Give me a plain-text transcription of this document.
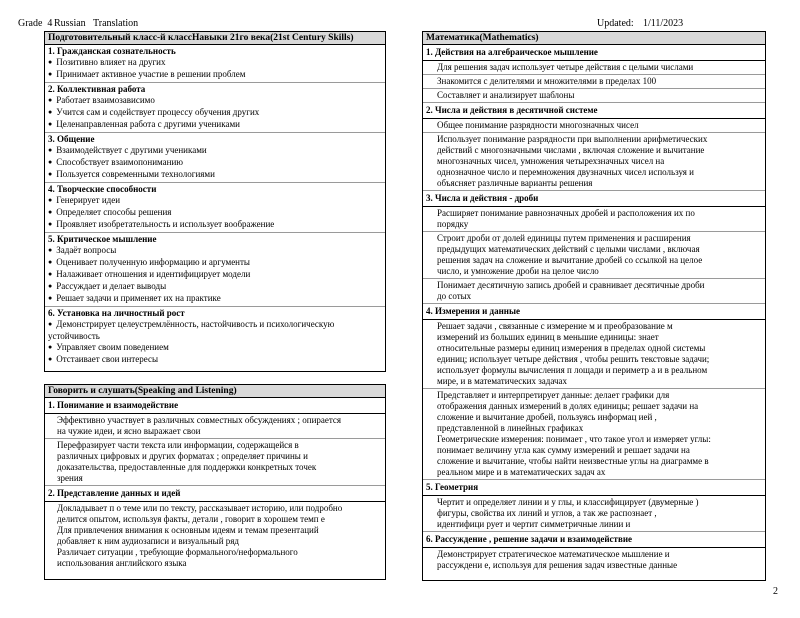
Grade  4 Russian   Translation	Updated: 1/11/2023
Подготовительный класс-й классНавыки 21го века(21st Century Skills)
1. Гражданская сознательность
● Позитивно влияет на других
● Принимает активное участие в решении проблем
2. Коллективная работа
● Работает взаимозависимо
● Учится сам и содействует процессу обучения других
● Целенаправленная работа с другими учениками
3. Общение
● Взаимодействует с другими учениками
● Способствует взаимопониманию
● Пользуется современными технологиями
4. Творческие способности
● Генерирует идеи
● Определяет способы решения
● Проявляет изобретательность и использует воображение
5. Критическое мышление
● Задаёт вопросы
● Оценивает полученную информацию и аргументы
● Налаживает отношения и идентифицирует модели
● Рассуждает и делает выводы
● Решает задачи и применяет их на практике
6. Установка на личностный рост
● Демонстрирует целеустремлённость, настойчивость и психологическую
устойчивость
● Управляет своим поведением
● Отстаивает свои интересы
Говорить и слушать(Speaking and Listening)
1. Понимание и взаимодействие
Эффективно участвует в различных совместных обсуждениях ; опирается
на чужие идеи, и ясно выражает свои
Перефразирует части текста или информации, содержащейся в
различных цифровых и других форматах ; определяет причины и
доказательства, предоставленные для поддержки конкретных точек
зрения
2. Представление данных и идей
Докладывает п о теме или по тексту, рассказывает историю, или подробно
делится опытом, используя факты, детали , говорит в хорошем темп е
Для привлечения внимания к основным идеям и темам презентаций
добавляет к ним аудиозаписи и визуальный ряд
Различает ситуации , требующие формального/неформального
использования английского языка
Математика(Mathematics)
1. Действия на алгебраическое мышление
Для решения задач использует четыре действия с целыми числами
Знакомится с делителями и множителями в пределах 100
Составляет и анализирует шаблоны
2. Числа и действия в десятичной системе
Общее понимание разрядности многозначных чисел
Использует понимание разрядности при выполнении арифметических
действий с многозначными числами , включая сложение и вычитание
многозначных чисел, умножения четырехзначных чисел на
однозначное число и перемножения двузначных чисел используя и
объясняет различные варианты решения
3. Числа и действия - дроби
Расширяет понимание равнозначных дробей и расположения их по
порядку
Строит дроби от долей единицы путем применения и расширения
предыдущих математических действий с целыми числами , включая
решения задач на сложение и вычитание дробей со ссылкой на целое
число, и умножение дроби на целое число
Понимает десятичную запись дробей и сравнивает десятичные дроби
до сотых
4. Измерения и данные
Решает задачи , связанные с измерение м и преобразование м
измерений из больших единиц в меньшие единицы: знает
относительные размеры единиц измерения в пределах одной системы
единиц; использует четыре действия , чтобы решить текстовые задачи;
использует формулы вычисления п лощади и периметр а и в реальном
мире, и в математических задачах
Представляет и интерпретирует данные: делает графики для
отображения данных измерений в долях единицы; решает задачи на
сложение и вычитание дробей, пользуясь информац ией ,
представленной в линейных графиках
Геометрические измерения: понимает , что такое угол и измеряет углы:
понимает величину угла как сумму измерений и решает задачи на
сложение и вычитание, чтобы найти неизвестные углы на диаграмме в
реальном мире и в математических задач ах
5. Геометрия
Чертит и определяет линии и у глы, и классифицирует (двумерные )
фигуры, свойства их линий и углов, а так же распознает ,
идентифици рует и чертит симметричные линии и
6. Рассуждение , решение задачи и взаимодействие
Демонстрирует стратегическое математическое мышление и
рассуждени е, используя для решения задач известные данные
2
